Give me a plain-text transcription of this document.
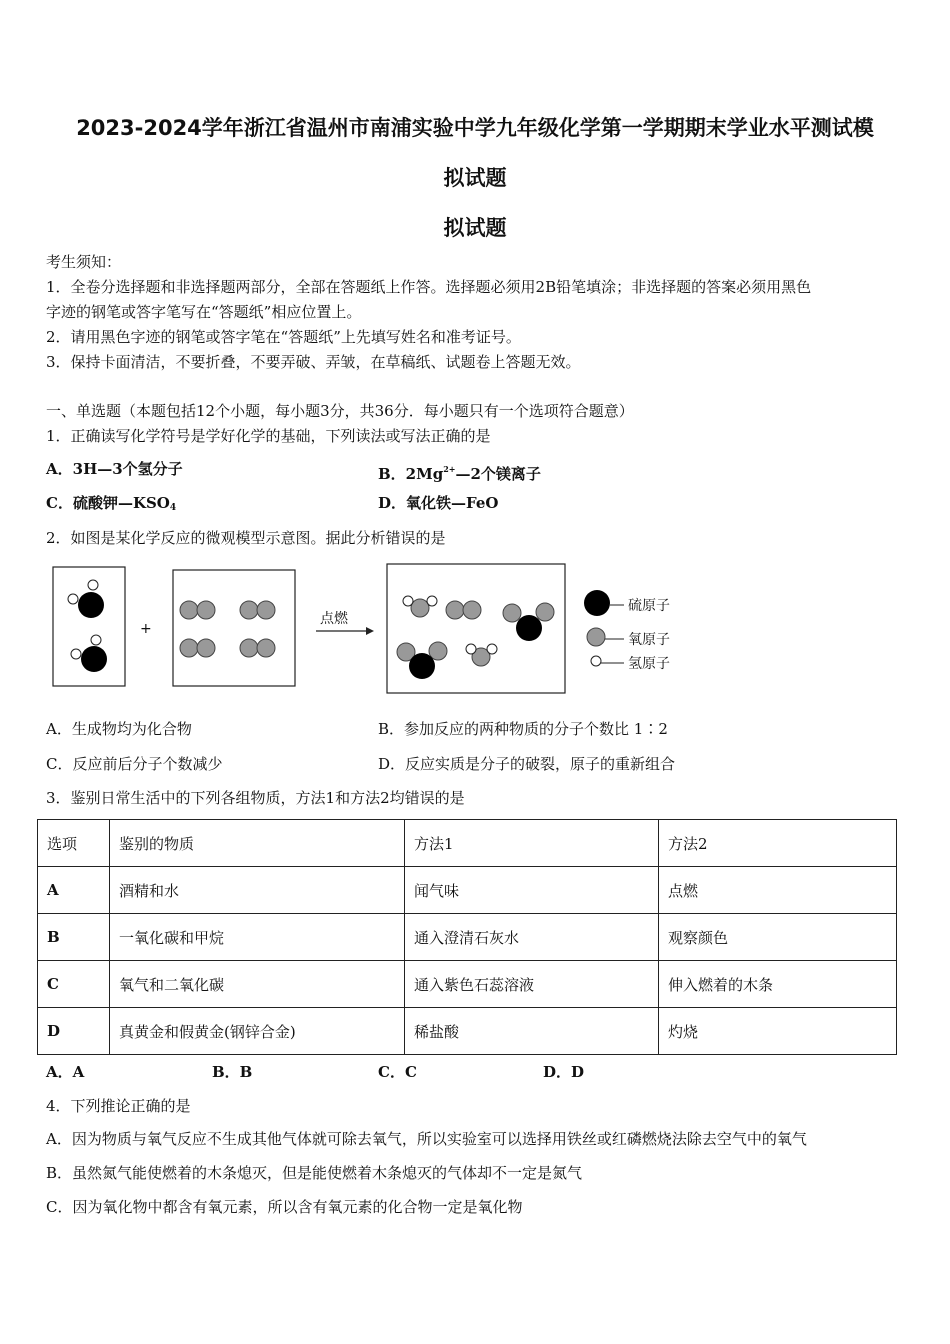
2023-2024学年浙江省温州市南浦实验中学九年级化学第一学期期末学业水平测试模
拟试题
拟试题
考生须知：
1．全卷分选择题和非选择题两部分，全部在答题纸上作答。选择题必须用2B铅笔填涂；非选择题的答案必须用黑色
字迹的钢笔或答字笔写在“答题纸”相应位置上。
2．请用黑色字迹的钢笔或答字笔在“答题纸”上先填写姓名和准考证号。
3．保持卡面清洁，不要折叠，不要弄破、弄皱，在草稿纸、试题卷上答题无效。
一、单选题（本题包括12个小题，每小题3分，共36分．每小题只有一个选项符合题意）
1．正确读写化学符号是学好化学的基础，下列读法或写法正确的是
A．3H—3个氢分子	B．$2Mg^{2+}—2$个镁离子
C．硫酸钾$—KSO_4$	D．氧化铁—FeO
2．如图是某化学反应的微观模型示意图。据此分析错误的是
+
点燃
硫原子
氧原子
氢原子
A．生成物均为化合物	B．参加反应的两种物质的分子个数比 1∶2
C．反应前后分子个数减少	D．反应实质是分子的破裂，原子的重新组合
3．鉴别日常生活中的下列各组物质，方法1和方法2均错误的是
选项	鉴别的物质	方法1	方法2
A	酒精和水	闻气味	点燃
B	一氧化碳和甲烷	通入澄清石灰水	观察颜色
C	氧气和二氧化碳	通入紫色石蕊溶液	伸入燃着的木条
D	真黄金和假黄金(钢锌合金)	稀盐酸	灼烧
A．A	B．B	C．C	D．D
4．下列推论正确的是
A．因为物质与氧气反应不生成其他气体就可除去氧气，所以实验室可以选择用铁丝或红磷燃烧法除去空气中的氧气
B．虽然氮气能使燃着的木条熄灭，但是能使燃着木条熄灭的气体却不一定是氮气
C．因为氧化物中都含有氧元素，所以含有氧元素的化合物一定是氧化物
